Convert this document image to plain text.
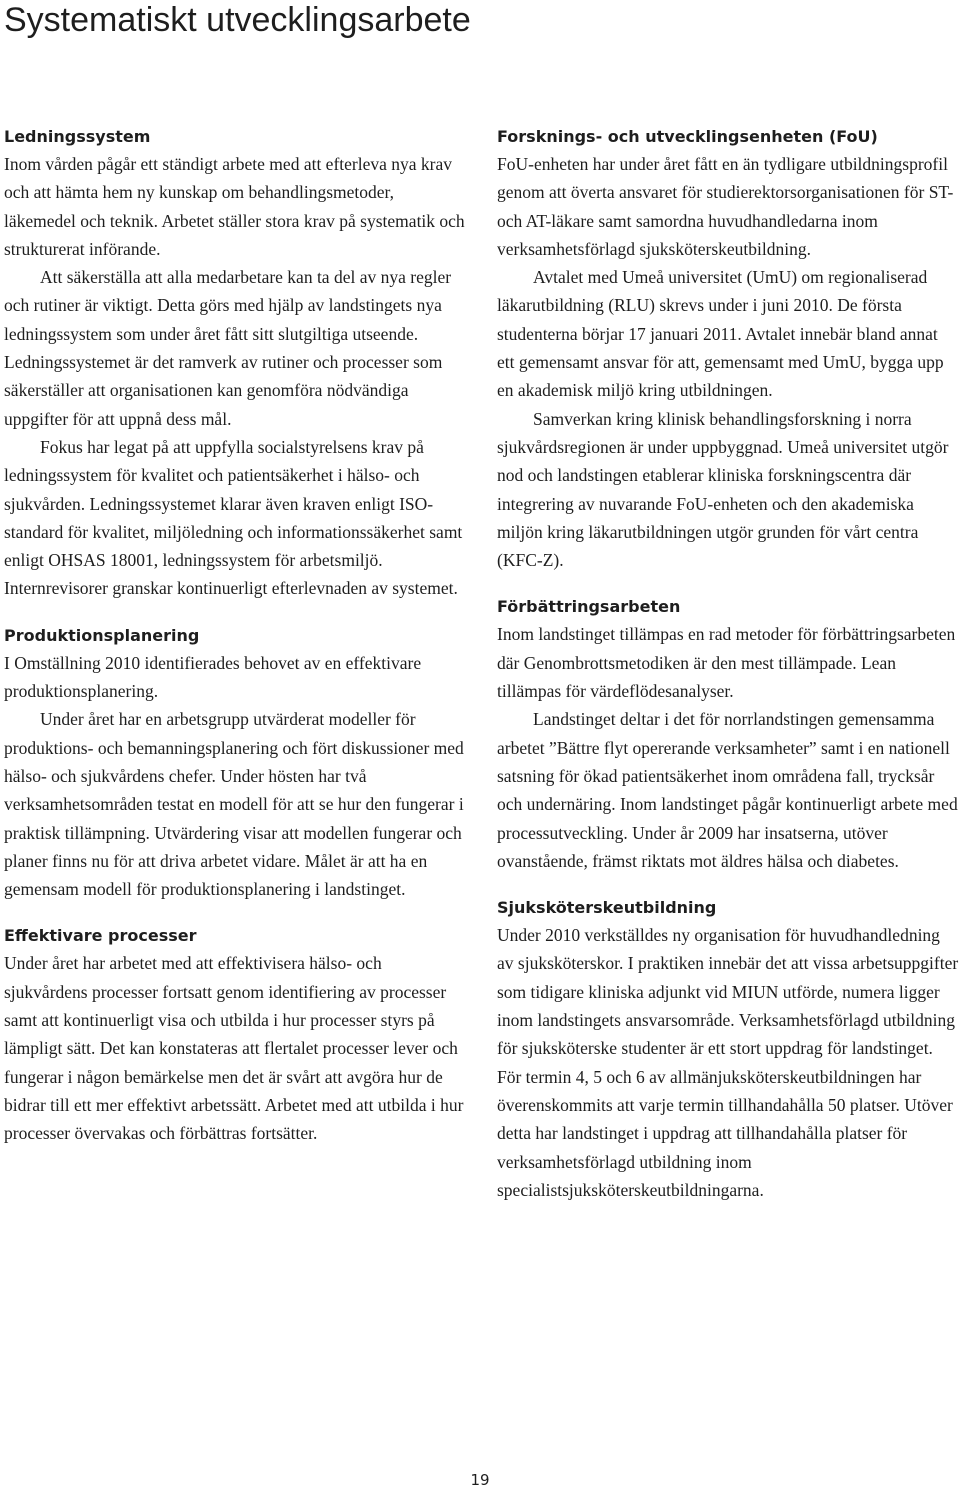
Systematiskt utvecklingsarbete
Ledningssystem

Inom vården pågår ett ständigt arbete med att efterleva nya krav och att hämta hem ny kunskap om behandlingsmetoder, läkemedel och teknik. Arbetet ställer stora krav på systematik och strukturerat införande.

Att säkerställa att alla medarbetare kan ta del av nya regler och rutiner är viktigt. Detta görs med hjälp av landstingets nya ledningssystem som under året fått sitt slutgiltiga utseende. Ledningssystemet är det ramverk av rutiner och processer som säkerställer att organisationen kan genomföra nödvändiga uppgifter för att uppnå dess mål.

Fokus har legat på att uppfylla socialstyrelsens krav på ledningssystem för kvalitet och patientsäkerhet i hälso- och sjukvården. Ledningssystemet klarar även kraven enligt ISO-standard för kvalitet, miljöledning och informationssäkerhet samt enligt OHSAS 18001, ledningssystem för arbetsmiljö. Internrevisorer granskar kontinuerligt efterlevnaden av systemet.

Produktionsplanering

I Omställning 2010 identifierades behovet av en effektivare produktionsplanering.

Under året har en arbetsgrupp utvärderat modeller för produktions- och bemanningsplanering och fört diskussioner med hälso- och sjukvårdens chefer. Under hösten har två verksamhetsområden testat en modell för att se hur den fungerar i praktisk tillämpning. Utvärdering visar att modellen fungerar och planer finns nu för att driva arbetet vidare. Målet är att ha en gemensam modell för produktionsplanering i landstinget.

Effektivare processer

Under året har arbetet med att effektivisera hälso- och sjukvårdens processer fortsatt genom identifiering av processer samt att kontinuerligt visa och utbilda i hur processer styrs på lämpligt sätt. Det kan konstateras att flertalet processer lever och fungerar i någon bemärkelse men det är svårt att avgöra hur de bidrar till ett mer effektivt arbetssätt. Arbetet med att utbilda i hur processer övervakas och förbättras fortsätter.

Forsknings- och utvecklingsenheten (FoU)

FoU-enheten har under året fått en än tydligare utbildningsprofil genom att överta ansvaret för studierektorsorganisationen för ST- och AT-läkare samt samordna huvudhandledarna inom verksamhetsförlagd sjuksköterskeutbildning.

Avtalet med Umeå universitet (UmU) om regionaliserad läkarutbildning (RLU) skrevs under i juni 2010. De första studenterna börjar 17 januari 2011. Avtalet innebär bland annat ett gemensamt ansvar för att, gemensamt med UmU, bygga upp en akademisk miljö kring utbildningen.

Samverkan kring klinisk behandlingsforskning i norra sjukvårdsregionen är under uppbyggnad. Umeå universitet utgör nod och landstingen etablerar kliniska forskningscentra där integrering av nuvarande FoU-enheten och den akademiska miljön kring läkarutbildningen utgör grunden för vårt centra (KFC-Z).

Förbättringsarbeten

Inom landstinget tillämpas en rad metoder för förbättringsarbeten där Genombrottsmetodiken är den mest tillämpade. Lean tillämpas för värdeflödesanalyser.

Landstinget deltar i det för norrlandstingen gemensamma arbetet ”Bättre flyt opererande verksamheter” samt i en nationell satsning för ökad patientsäkerhet inom områdena fall, trycksår och undernäring. Inom landstinget pågår kontinuerligt arbete med processutveckling. Under år 2009 har insatserna, utöver ovanstående, främst riktats mot äldres hälsa och diabetes.

Sjuksköterskeutbildning

Under 2010 verkställdes ny organisation för huvudhandledning av sjuksköterskor. I praktiken innebär det att vissa arbetsuppgifter som tidigare kliniska adjunkt vid MIUN utförde, numera ligger inom landstingets ansvarsområde. Verksamhetsförlagd utbildning för sjuksköterske studenter är ett stort uppdrag för landstinget. För termin 4, 5 och 6 av allmänjuksköterskeutbildningen har överenskommits att varje termin tillhandahålla 50 platser. Utöver detta har landstinget i uppdrag att tillhandahålla platser för verksamhetsförlagd utbildning inom specialistsjuksköterskeutbildningarna.

19
